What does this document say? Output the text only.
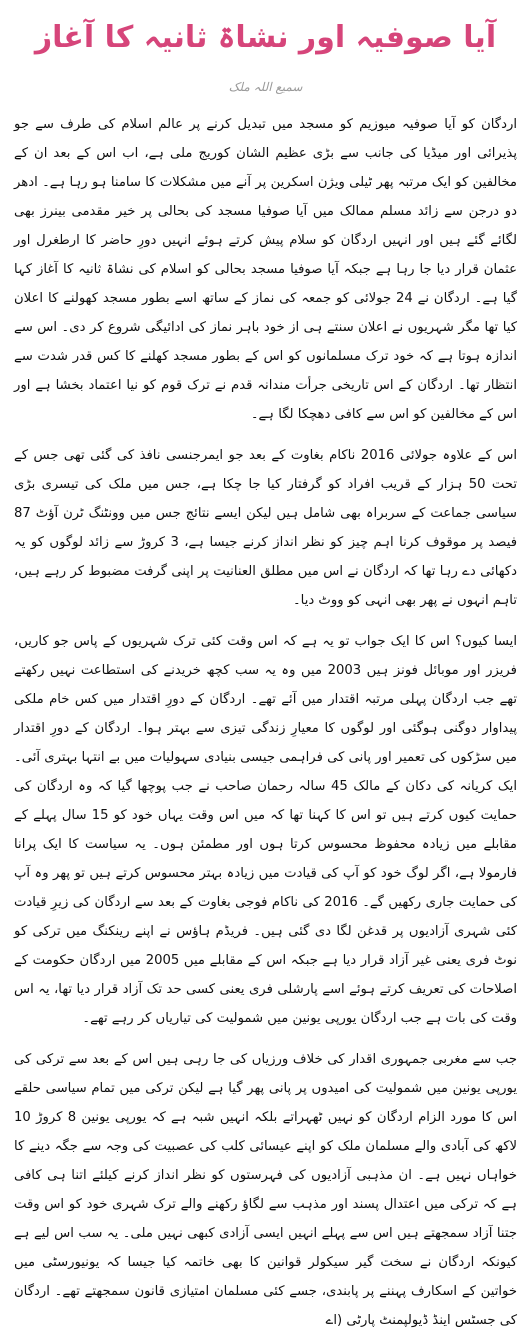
آیا صوفیہ اور نشاۃ ثانیہ کا آغاز
سمیع اللہ ملک

اردگان کو آیا صوفیہ میوزیم کو مسجد میں تبدیل کرنے پر عالم اسلام کی طرف سے جو پذیرائی اور میڈیا کی جانب سے بڑی عظیم الشان کوریج ملی ہے، اب اس کے بعد ان کے مخالفین کو ایک مرتبہ پھر ٹیلی ویژن اسکرین پر آنے میں مشکلات کا سامنا ہو رہا ہے۔ ادھر دو درجن سے زائد مسلم ممالک میں آیا صوفیا مسجد کی بحالی پر خیر مقدمی بینرز بھی لگائے گئے ہیں اور انہیں اردگان کو سلام پیش کرتے ہوئے انہیں دورِ حاضر کا ارطغرل اور عثمان قرار دیا جا رہا ہے جبکہ آیا صوفیا مسجد بحالی کو اسلام کی نشاۃ ثانیہ کا آغاز کہا گیا ہے۔ اردگان نے 24 جولائی کو جمعہ کی نماز کے ساتھ اسے بطور مسجد کھولنے کا اعلان کیا تھا مگر شہریوں نے اعلان سنتے ہی از خود باہر نماز کی ادائیگی شروع کر دی۔ اس سے اندازہ ہوتا ہے کہ خود ترک مسلمانوں کو اس کے بطور مسجد کھلنے کا کس قدر شدت سے انتظار تھا۔ اردگان کے اس تاریخی جرأت مندانہ قدم نے ترک قوم کو نیا اعتماد بخشا ہے اور اس کے مخالفین کو اس سے کافی دھچکا لگا ہے۔

اس کے علاوہ جولائی 2016 ناکام بغاوت کے بعد جو ایمرجنسی نافذ کی گئی تھی جس کے تحت 50 ہزار کے قریب افراد کو گرفتار کیا جا چکا ہے، جس میں ملک کی تیسری بڑی سیاسی جماعت کے سربراہ بھی شامل ہیں لیکن ایسے نتائج جس میں وونٹنگ ٹرن آؤٹ 87 فیصد پر موقوف کرنا اہم چیز کو نظر انداز کرنے جیسا ہے، 3 کروڑ سے زائد لوگوں کو یہ دکھائی دے رہا تھا کہ اردگان نے اس میں مطلق العنانیت پر اپنی گرفت مضبوط کر رہے ہیں، تاہم انہوں نے پھر بھی انہی کو ووٹ دیا۔

ایسا کیوں؟ اس کا ایک جواب تو یہ ہے کہ اس وقت کئی ترک شہریوں کے پاس جو کاریں، فریزر اور موبائل فونز ہیں 2003 میں وہ یہ سب کچھ خریدنے کی استطاعت نہیں رکھتے تھے جب اردگان پہلی مرتبہ اقتدار میں آئے تھے۔ اردگان کے دورِ اقتدار میں کس خام ملکی پیداوار دوگنی ہوگئی اور لوگوں کا معیارِ زندگی تیزی سے بہتر ہوا۔ اردگان کے دورِ اقتدار میں سڑکوں کی تعمیر اور پانی کی فراہمی جیسی بنیادی سہولیات میں بے انتہا بہتری آئی۔ ایک کریانہ کی دکان کے مالک 45 سالہ رحمان صاحب نے جب پوچھا گیا کہ وہ اردگان کی حمایت کیوں کرتے ہیں تو اس کا کہنا تھا کہ میں اس وقت یہاں خود کو 15 سال پہلے کے مقابلے میں زیادہ محفوظ محسوس کرتا ہوں اور مطمئن ہوں۔ یہ سیاست کا ایک پرانا فارمولا ہے، اگر لوگ خود کو آپ کی قیادت میں زیادہ بہتر محسوس کرتے ہیں تو پھر وہ آپ کی حمایت جاری رکھیں گے۔ 2016 کی ناکام فوجی بغاوت کے بعد سے اردگان کی زیرِ قیادت کئی شہری آزادیوں پر قدغن لگا دی گئی ہیں۔ فریڈم ہاؤس نے اپنے رینکنگ میں ترکی کو نوٹ فری یعنی غیر آزاد قرار دیا ہے جبکہ اس کے مقابلے میں 2005 میں اردگان حکومت کے اصلاحات کی تعریف کرتے ہوئے اسے پارشلی فری یعنی کسی حد تک آزاد قرار دیا تھا، یہ اس وقت کی بات ہے جب اردگان یورپی یونین میں شمولیت کی تیاریاں کر رہے تھے۔

جب سے مغربی جمہوری اقدار کی خلاف ورزیاں کی جا رہی ہیں اس کے بعد سے ترکی کی یورپی یونین میں شمولیت کی امیدوں پر پانی پھر گیا ہے لیکن ترکی میں تمام سیاسی حلقے اس کا مورد الزام اردگان کو نہیں ٹھہراتے بلکہ انہیں شبہ ہے کہ یورپی یونین 8 کروڑ 10 لاکھ کی آبادی والے مسلمان ملک کو اپنے عیسائی کلب کی عصبیت کی وجہ سے جگہ دینے کا خواہاں نہیں ہے۔ ان مذہبی آزادیوں کی فہرستوں کو نظر انداز کرنے کیلئے اتنا ہی کافی ہے کہ ترکی میں اعتدال پسند اور مذہب سے لگاؤ رکھنے والے ترک شہری خود کو اس وقت جتنا آزاد سمجھتے ہیں اس سے پہلے انہیں ایسی آزادی کبھی نہیں ملی۔ یہ سب اس لیے ہے کیونکہ اردگان نے سخت گیر سیکولر قوانین کا بھی خاتمہ کیا جیسا کہ یونیورسٹی میں خواتین کے اسکارف پہننے پر پابندی، جسے کئی مسلمان امتیازی قانون سمجھتے تھے۔ اردگان کی جسٹس اینڈ ڈیولپمنٹ پارٹی (اے
